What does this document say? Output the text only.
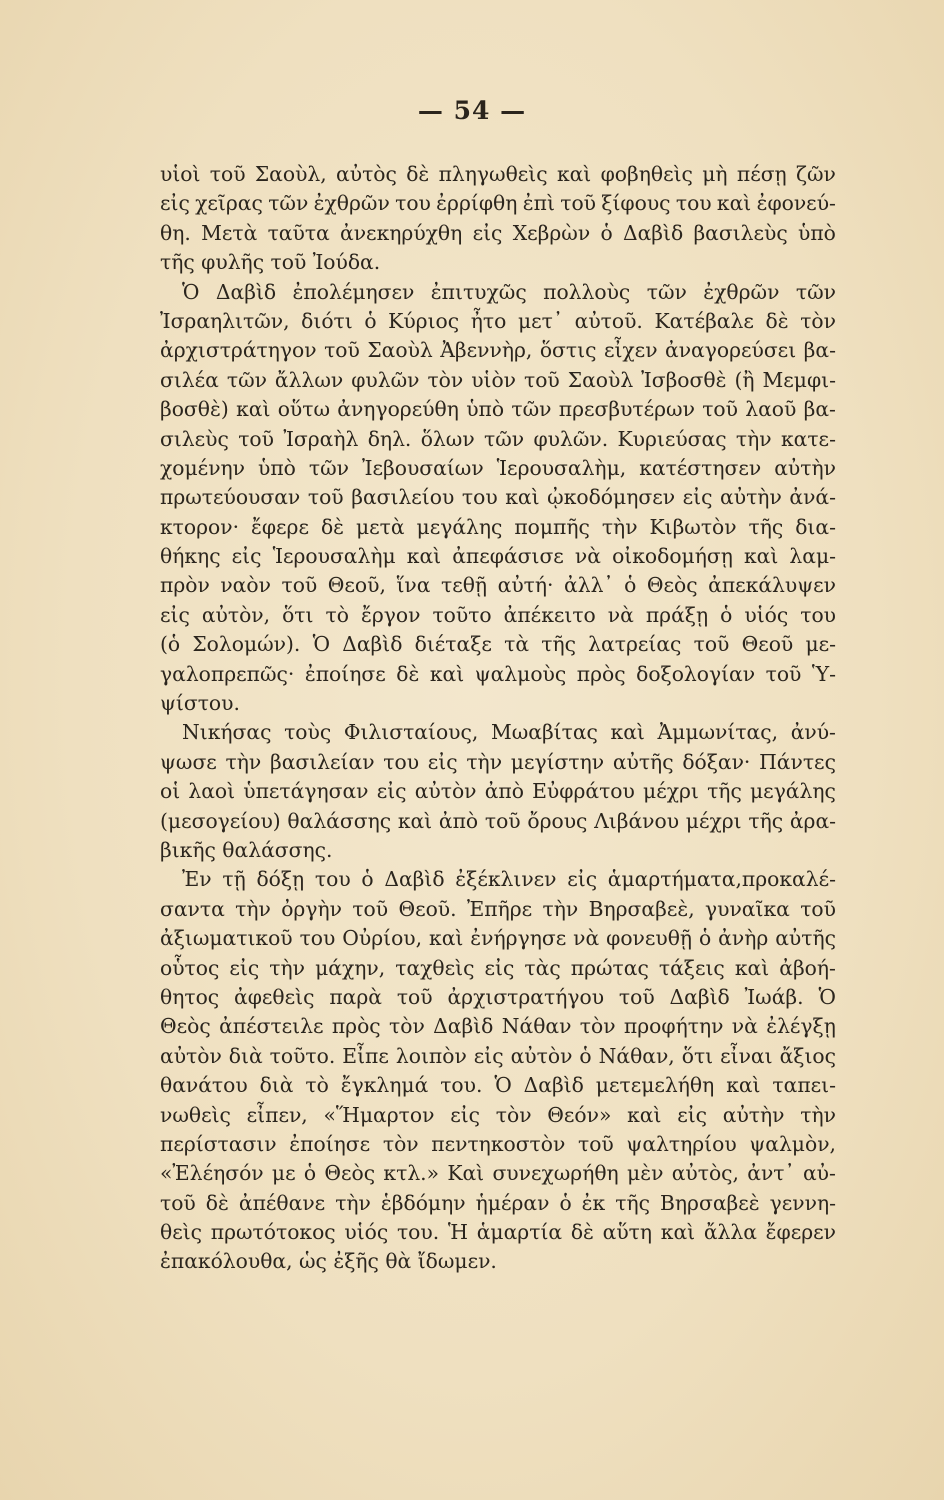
— 54 —
υἱοὶ τοῦ Σαοὺλ, αὐτὸς δὲ πληγωθεὶς καὶ φοβηθεὶς μὴ πέσῃ ζῶν
εἰς χεῖρας τῶν ἐχθρῶν του ἐρρίφθη ἐπὶ τοῦ ξίφους του καὶ ἐφονεύ-
θη. Μετὰ ταῦτα ἀνεκηρύχθη εἰς Χεβρὼν ὁ Δαβὶδ βασιλεὺς ὑπὸ
τῆς φυλῆς τοῦ Ἰούδα.
Ὁ Δαβὶδ ἐπολέμησεν ἐπιτυχῶς πολλοὺς τῶν ἐχθρῶν τῶν
Ἰσραηλιτῶν, διότι ὁ Κύριος ἦτο μετ᾽ αὐτοῦ. Κατέβαλε δὲ τὸν
ἀρχιστράτηγον τοῦ Σαοὺλ Ἀβεννὴρ, ὅστις εἶχεν ἀναγορεύσει βα-
σιλέα τῶν ἄλλων φυλῶν τὸν υἱὸν τοῦ Σαοὺλ Ἰσβοσθὲ (ἢ Μεμφι-
βοσθὲ) καὶ οὕτω ἀνηγορεύθη ὑπὸ τῶν πρεσβυτέρων τοῦ λαοῦ βα-
σιλεὺς τοῦ Ἰσραὴλ δηλ. ὅλων τῶν φυλῶν. Κυριεύσας τὴν κατε-
χομένην ὑπὸ τῶν Ἰεβουσαίων Ἱερουσαλὴμ, κατέστησεν αὐτὴν
πρωτεύουσαν τοῦ βασιλείου του καὶ ᾠκοδόμησεν εἰς αὐτὴν ἀνά-
κτορον· ἔφερε δὲ μετὰ μεγάλης πομπῆς τὴν Κιβωτὸν τῆς δια-
θήκης εἰς Ἱερουσαλὴμ καὶ ἀπεφάσισε νὰ οἰκοδομήσῃ καὶ λαμ-
πρὸν ναὸν τοῦ Θεοῦ, ἵνα τεθῇ αὐτή· ἀλλ᾽ ὁ Θεὸς ἀπεκάλυψεν
εἰς αὐτὸν, ὅτι τὸ ἔργον τοῦτο ἀπέκειτο νὰ πράξῃ ὁ υἱός του
(ὁ Σολομών). Ὁ Δαβὶδ διέταξε τὰ τῆς λατρείας τοῦ Θεοῦ με-
γαλοπρεπῶς· ἐποίησε δὲ καὶ ψαλμοὺς πρὸς δοξολογίαν τοῦ Ὑ-
ψίστου.
Νικήσας τοὺς Φιλισταίους, Μωαβίτας καὶ Ἀμμωνίτας, ἀνύ-
ψωσε τὴν βασιλείαν του εἰς τὴν μεγίστην αὐτῆς δόξαν· Πάντες
οἱ λαοὶ ὑπετάγησαν εἰς αὐτὸν ἀπὸ Εὐφράτου μέχρι τῆς μεγάλης
(μεσογείου) θαλάσσης καὶ ἀπὸ τοῦ ὄρους Λιβάνου μέχρι τῆς ἀρα-
βικῆς θαλάσσης.
Ἐν τῇ δόξῃ του ὁ Δαβὶδ ἐξέκλινεν εἰς ἁμαρτήματα,προκαλέ-
σαντα τὴν ὀργὴν τοῦ Θεοῦ. Ἐπῆρε τὴν Βηρσαβεὲ, γυναῖκα τοῦ
ἀξιωματικοῦ του Οὐρίου, καὶ ἐνήργησε νὰ φονευθῇ ὁ ἀνὴρ αὐτῆς
οὗτος εἰς τὴν μάχην, ταχθεὶς εἰς τὰς πρώτας τάξεις καὶ ἀβοή-
θητος ἀφεθεὶς παρὰ τοῦ ἀρχιστρατήγου τοῦ Δαβὶδ Ἰωάβ. Ὁ
Θεὸς ἀπέστειλε πρὸς τὸν Δαβὶδ Νάθαν τὸν προφήτην νὰ ἐλέγξῃ
αὐτὸν διὰ τοῦτο. Εἶπε λοιπὸν εἰς αὐτὸν ὁ Νάθαν, ὅτι εἶναι ἄξιος
θανάτου διὰ τὸ ἔγκλημά του. Ὁ Δαβὶδ μετεμελήθη καὶ ταπει-
νωθεὶς εἶπεν, «Ἥμαρτον εἰς τὸν Θεόν» καὶ εἰς αὐτὴν τὴν
περίστασιν ἐποίησε τὸν πεντηκοστὸν τοῦ ψαλτηρίου ψαλμὸν,
«Ἐλέησόν με ὁ Θεὸς κτλ.» Καὶ συνεχωρήθη μὲν αὐτὸς, ἀντ᾽ αὐ-
τοῦ δὲ ἀπέθανε τὴν ἑβδόμην ἡμέραν ὁ ἐκ τῆς Βηρσαβεὲ γεννη-
θεὶς πρωτότοκος υἱός του. Ἡ ἁμαρτία δὲ αὕτη καὶ ἄλλα ἔφερεν
ἐπακόλουθα, ὡς ἐξῆς θὰ ἴδωμεν.
